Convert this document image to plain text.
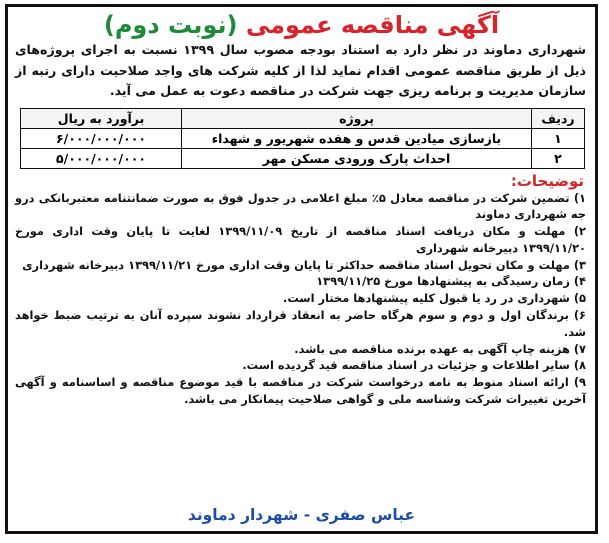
آگهی مناقصه عمومی (نوبت دوم)
شهرداری دماوند در نظر دارد به استناد بودجه مصوب سال ۱۳۹۹ نسبت به اجرای پروژه‌های ذیل از طریق مناقصه عمومی اقدام نماید لذا از کلیه شرکت های واجد صلاحیت دارای رتبه از سازمان مدیریت و برنامه ریزی جهت شرکت در مناقصه دعوت به عمل می آید.
ردیف	پروژه	برآورد به ریال
۱	بازسازی میادین قدس و هفده شهریور و شهداء	۶/۰۰۰/۰۰۰/۰۰۰
۲	احداث پارک ورودی مسکن مهر	۵/۰۰۰/۰۰۰/۰۰۰
توضیحات:

۱) تضمین شرکت در مناقصه معادل ۵٪ مبلغ اعلامی در جدول فوق به صورت ضمانتنامه معتبربانکی درو جه شهرداری دماوند

۲) مهلت و مکان دریافت اسناد مناقصه از تاریخ ۱۳۹۹/۱۱/۰۹ لغایت تا پایان وقت اداری مورخ ۱۳۹۹/۱۱/۲۰ دبیرخانه شهرداری

۳) مهلت و مکان تحویل اسناد مناقصه حداکثر تا پایان وقت اداری مورخ ۱۳۹۹/۱۱/۲۱ دبیرخانه شهرداری

۴) زمان رسیدگی به پیشنهادها مورخ ۱۳۹۹/۱۱/۲۵

۵) شهرداری در رد یا قبول کلیه پیشنهادها مختار است.

۶) برندگان اول و دوم و سوم هرگاه حاضر به انعقاد قرارداد نشوند سپرده آنان به ترتیب ضبط خواهد شد.

۷) هزینه چاپ آگهی به عهده برنده مناقصه می باشد.

۸) سایر اطلاعات و جزئیات در اسناد مناقصه قید گردیده است.

۹) ارائه اسناد منوط به نامه درخواست شرکت در مناقصه با قید موضوع مناقصه و اساسنامه و آگهی آخرین تغییرات شرکت وشناسه ملی و گواهی صلاحیت پیمانکار می باشد.

عباس صفری - شهردار دماوند
